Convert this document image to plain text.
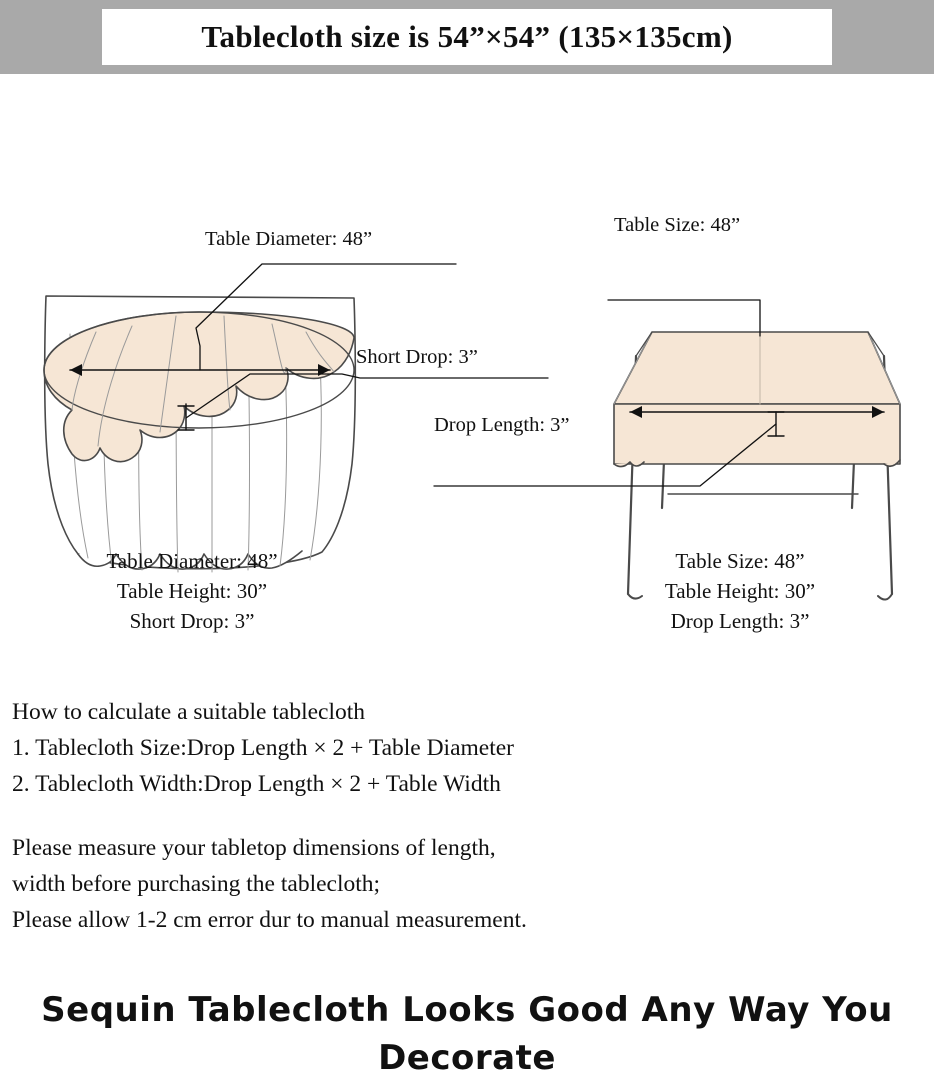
Tablecloth size is 54”×54” (135×135cm)
Table Diameter: 48”
Short Drop: 3”
Table Size: 48”
Drop Length: 3”
Table Diameter: 48”
Table Height: 30”
Short Drop: 3”
Table Size: 48”
Table Height: 30”
Drop Length: 3”

How to calculate a suitable tablecloth

1. Tablecloth Size:Drop Length × 2 + Table Diameter

2. Tablecloth Width:Drop Length × 2 + Table Width

Please measure your tabletop dimensions of length,

width before purchasing the tablecloth;

Please allow 1-2 cm error dur to manual measurement.

Sequin Tablecloth Looks Good Any Way You
Decorate
